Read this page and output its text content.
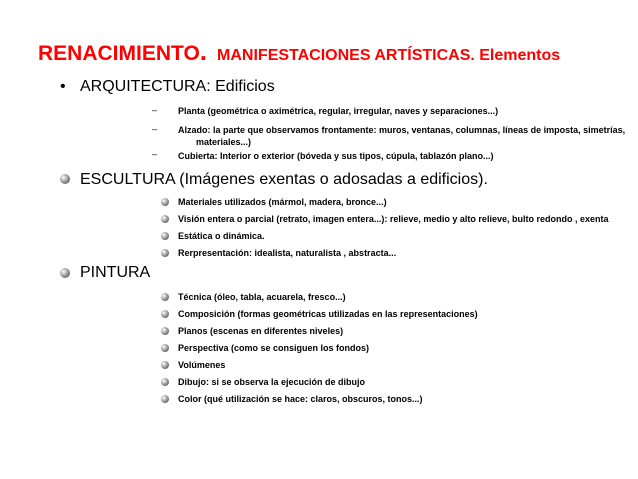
RENACIMIENTO. MANIFESTACIONES ARTÍSTICAS. Elementos
• ARQUITECTURA: Edificios
– Planta (geométrica o aximétrica, regular, irregular, naves y separaciones...)
– Alzado: la parte que observamos frontamente: muros, ventanas, columnas, líneas de imposta, simetrías,
materiales...)
– Cubierta: Interior o exterior (bóveda y sus tipos, cúpula, tablazón plano...)
ESCULTURA (Imágenes exentas o adosadas a edificios).
Materiales utilizados (mármol, madera, bronce...)
Visión entera o parcial (retrato, imagen entera...): relieve, medio y alto relieve, bulto redondo , exenta
Estática o dinámica.
Rerpresentación: idealista, naturalista , abstracta...
PINTURA
Técnica (óleo, tabla, acuarela, fresco...)
Composición (formas geométricas utilizadas en las representaciones)
Planos (escenas en diferentes niveles)
Perspectiva (como se consiguen los fondos)
Volúmenes
Dibujo: si se observa la ejecución de dibujo
Color (qué utilización se hace: claros, obscuros, tonos...)
